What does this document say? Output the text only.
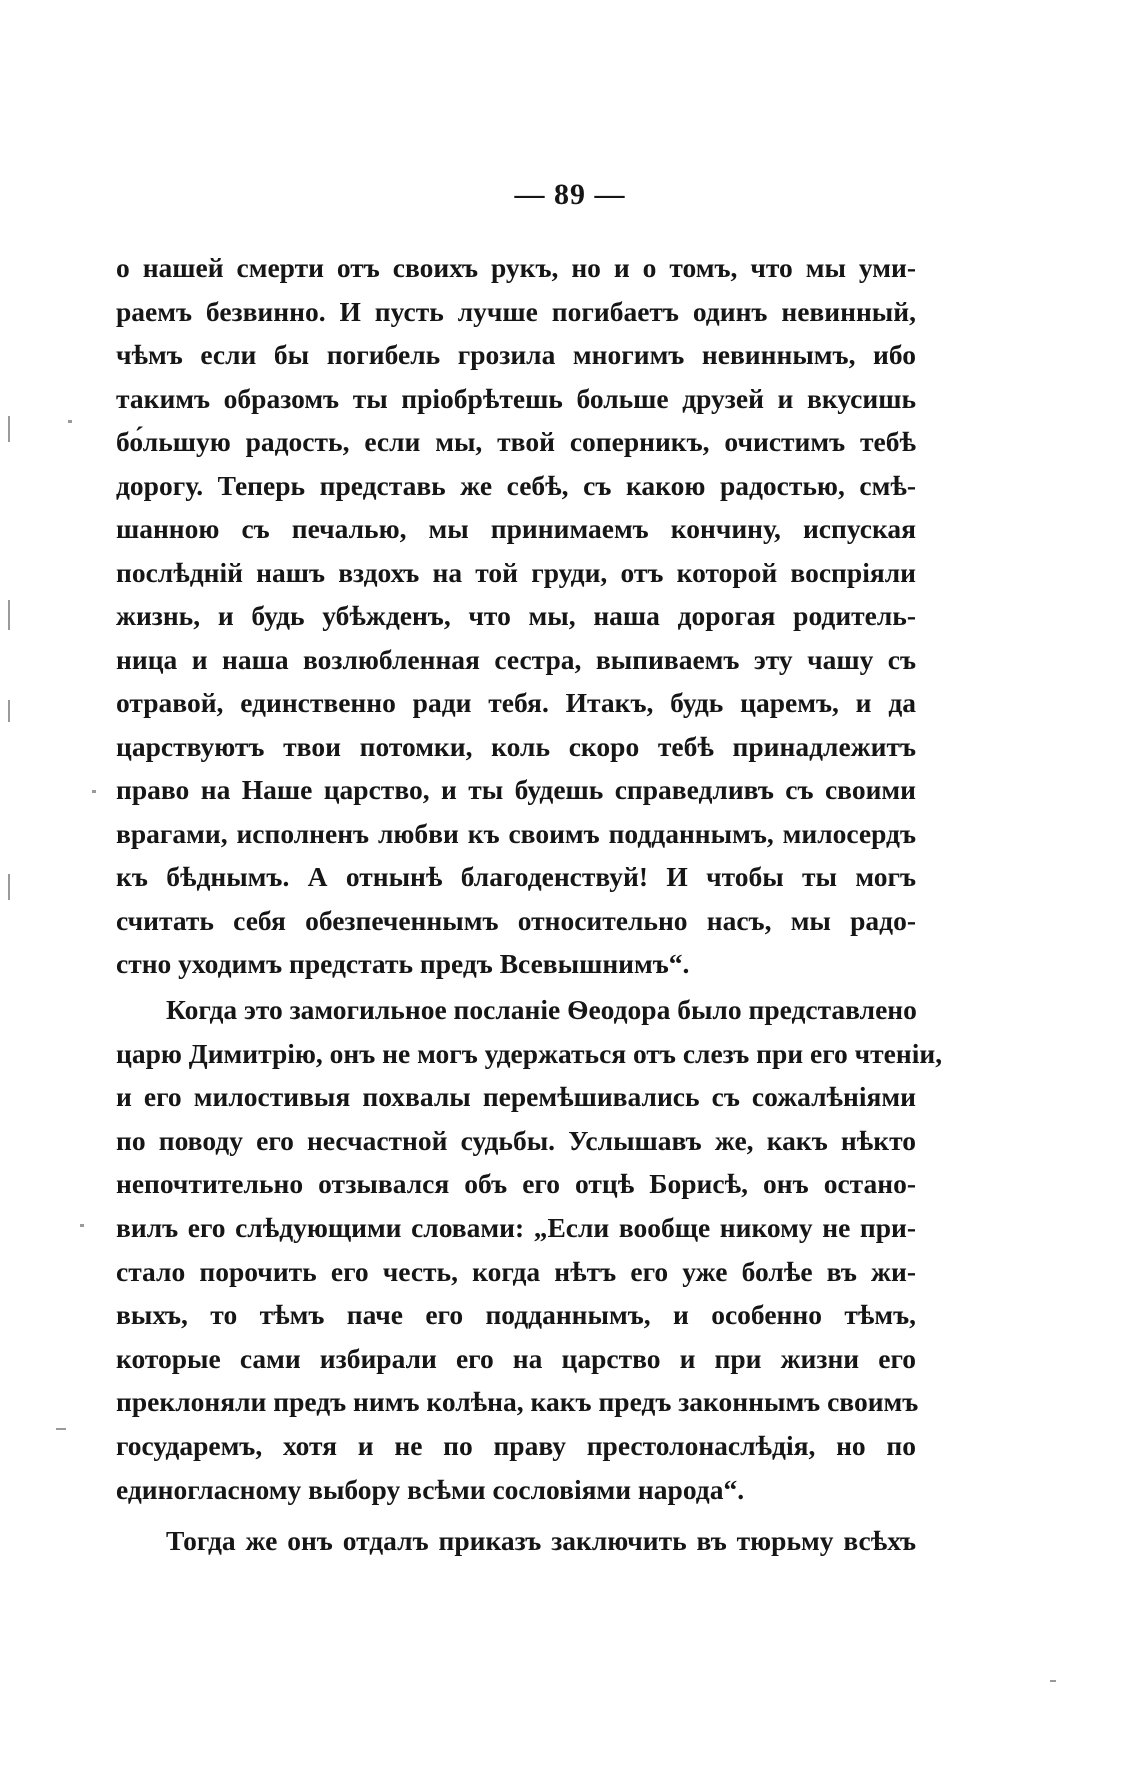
— 89 —
о нашей смерти отъ своихъ рукъ, но и о томъ, что мы уми-
раемъ безвинно. И пусть лучше погибаетъ одинъ невинный,
чѣмъ если бы погибель грозила многимъ невиннымъ, ибо
такимъ образомъ ты пріобрѣтешь больше друзей и вкусишь
бо́льшую радость, если мы, твой соперникъ, очистимъ тебѣ
дорогу. Теперь представь же себѣ, съ какою радостью, смѣ-
шанною съ печалью, мы принимаемъ кончину, испуская
послѣдній нашъ вздохъ на той груди, отъ которой воспріяли
жизнь, и будь убѣжденъ, что мы, наша дорогая родитель-
ница и наша возлюбленная сестра, выпиваемъ эту чашу съ
отравой, единственно ради тебя. Итакъ, будь царемъ, и да
царствуютъ твои потомки, коль скоро тебѣ принадлежитъ
право на Наше царство, и ты будешь справедливъ съ своими
врагами, исполненъ любви къ своимъ подданнымъ, милосердъ
къ бѣднымъ. А отнынѣ благоденствуй! И чтобы ты могъ
считать себя обезпеченнымъ относительно насъ, мы радо-
стно уходимъ предстать предъ Всевышнимъ“.
Когда это замогильное посланіе Ѳеодора было представлено
царю Димитрію, онъ не могъ удержаться отъ слезъ при его чтеніи,
и его милостивыя похвалы перемѣшивались съ сожалѣніями
по поводу его несчастной судьбы. Услышавъ же, какъ нѣкто
непочтительно отзывался объ его отцѣ Борисѣ, онъ остано-
вилъ его слѣдующими словами: „Если вообще никому не при-
стало порочить его честь, когда нѣтъ его уже болѣе въ жи-
выхъ, то тѣмъ паче его подданнымъ, и особенно тѣмъ,
которые сами избирали его на царство и при жизни его
преклоняли предъ нимъ колѣна, какъ предъ законнымъ своимъ
государемъ, хотя и не по праву престолонаслѣдія, но по
единогласному выбору всѣми сословіями народа“.
Тогда же онъ отдалъ приказъ заключить въ тюрьму всѣхъ
